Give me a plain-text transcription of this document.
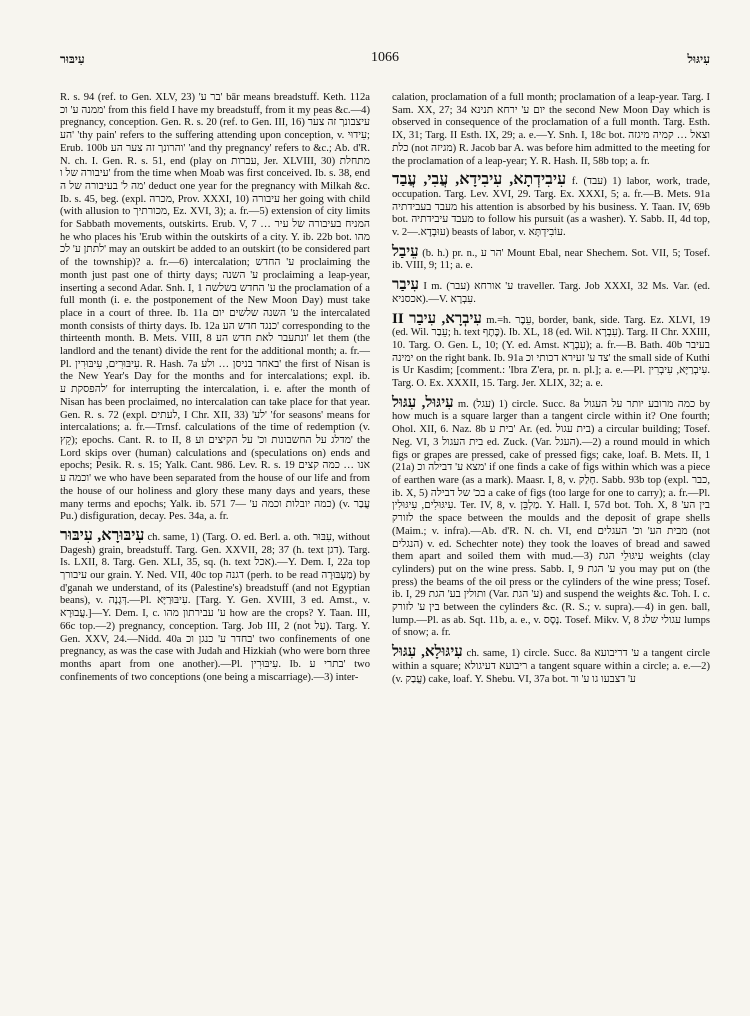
עִיבּוּר	1066	עִיגּוּל

R. s. 94 (ref. to Gen. XLV, 23) 'בר ע' bār means breadstuff. Keth. 112a ממנה ע' וכ' from this field I have my breadstuff, from it my peas &c.—4) pregnancy, conception. Gen. R. s. 20 (ref. to Gen. III, 16) עיצבונך זה צער הע' 'thy pain' refers to the suffering attending upon conception, v. עִידוּי; Erub. 100b והרונך זה צער הע' 'and thy pregnancy' refers to &c.; Ab. d'R. N. ch. I. Gen. R. s. 51, end (play on עברות, Jer. XLVIII, 30) מתחלת עיבורה של ו' from the time when Moab was first conceived. Ib. s. 38, end מה ל' בעיבורה של ה' deduct one year for the pregnancy with Milkah &c. Ib. s. 45, beg. (expl. מכרה, Prov. XXXI, 10) עיבורה her going with child (with allusion to מכורתיך, Ez. XVI, 3); a. fr.—5) extension of city limits for Sabbath movements, outskirts. Erub. V, 7 … המניח בעיבורה של עיר he who places his 'Erub within the outskirts of a city. Y. ib. 22b bot. מהו לתתן ע' לכ' may an outskirt be added to an outskirt (to be considered part of the township)? a. fr.—6) intercalation; ע' החדש proclaiming the month just past one of thirty days; ע' השנה proclaiming a leap-year, inserting a second Adar. Snh. I, 1 ע' החדש בשלשה the proclamation of a full month (i. e. the postponement of the New Moon Day) must take place in a court of three. Ib. 11a ע' השנה שלשים יום the intercalated month consists of thirty days. Ib. 12a כנגד חדש הע' corresponding to the thirteenth month. B. Mets. VIII, 8 ונתעבר לאת חדש הע' let them (the landlord and the tenant) divide the rent for the additional month; a. fr.—Pl. עִיבּוּרִים, עִיבּוּרִין. R. Hash. 7a באחד בניסן … ולע' the first of Nisan is the New Year's Day for the months and for intercalations; expl. ib. להפסקת ע' for interrupting the intercalation, i. e. after the month of Nisan has been proclaimed, no intercalation can take place for that year. Gen. R. s. 72 (expl. לעתים, I Chr. XII, 33) 'לע' 'for seasons' means for intercalations; a. fr.—Trnsf. calculations of the time of redemption (v. קֵץ); epochs. Cant. R. to II, 8 מדלג על החשבונות וכ' על הקיצים וע' the Lord skips over (human) calculations and (speculations on) ends and epochs; Pesik. R. s. 15; Yalk. Cant. 986. Lev. R. s. 19 אנו … כמה קצים וכמה ע' we who have been separated from the house of our life and from the house of our holiness and glory these many days and years, these many terms and epochs; Yalk. ib. 571 כמה יובלות וכמה ע' —7) (v. עֲבַר Pu.) disfiguration, decay. Pes. 34a, a. fr.

עִיבּוּרָא, עִיבּוּר ch. same, 1) (Targ. O. ed. Berl. a. oth. עִבּוּר, without Dagesh) grain, breadstuff. Targ. Gen. XXVII, 28; 37 (h. text דגן). Targ. Is. LXII, 8. Targ. Gen. XLI, 35, sq. (h. text אכל).—Y. Dem. I, 22a top עיבורך our grain. Y. Ned. VII, 40c top דגנה (perh. to be read מַעְבּוּרָה) by d'ganah we understand, of its (Palestine's) breadstuff (and not Egyptian beans), v. דְּגָנָה.—Pl. עִיבּוּרַיָּא. [Targ. Y. Gen. XVIII, 3 ed. Amst., v. עֲבוּרָא.]—Y. Dem. I, c. ע' עבירתון מהו how are the crops? Y. Taan. III, 66c top.—2) pregnancy, conception. Targ. Job III, 2 (not עַל). Targ. Y. Gen. XXV, 24.—Nidd. 40a בחדר ע' כנגן וכ' two confinements of one pregnancy, as was the case with Judah and Hizkiah (who were born three months apart from one another).—Pl. עִיבּוּרִין. Ib. בתרי ע' two confinements of two conceptions (one being a miscarriage).—3) inter-

calation, proclamation of a full month; proclamation of a leap-year. Targ. I Sam. XX, 27; 34 יום ע' ירחא תנינא the second New Moon Day which is observed in consequence of the proclamation of a full month. Targ. Esth. IX, 31; Targ. II Esth. IX, 29; a. e.—Y. Snh. I, 18c bot. וצאל … קמיה מיגזה כלת (not מגיזה) R. Jacob bar A. was before him admitted to the meeting for the proclamation of a leap-year; Y. R. Hash. II, 58b top; a. fr.

עִיבִידְתָא, עִיבִידָא, עֲבִי, עֲבַד f. (עבד) 1) labor, work, trade, occupation. Targ. Lev. XVI, 29. Targ. Ex. XXXI, 5; a. fr.—B. Mets. 91a מעבד בעבידתיה his attention is absorbed by his business. Y. Taan. IV, 69b bot. מעבד עיבידתיה to follow his pursuit (as a washer). Y. Sabb. II, 4d top, v. עוּבְדָא.—2) beasts of labor, v. עוֹבִידְתָּא.

עֵיבַל (b. h.) pr. n., הר ע' Mount Ebal, near Shechem. Sot. VII, 5; Tosef. ib. VIII, 9; 11; a. e.

עִיבַר I m. (עבר) ע' אורחא traveller. Targ. Job XXXI, 32 Ms. Var. (ed. אכסניא).—V. עִבְרָא.

עִיבְרָא, עִיבַר II m.=h. עֵבֶר, border, bank, side. Targ. Ez. XLVI, 19 (ed. Wil. עֵבַר; h. text כֶּתֶף). Ib. XL, 18 (ed. Wil. עִבְרָא). Targ. II Chr. XXIII, 10. Targ. O. Gen. L, 10; (Y. ed. Amst. עִבְרָא); a. fr.—B. Bath. 40b בעיבר ימינה on the right bank. Ib. 91a צד ע' זעירא דכותי וכ' the small side of Kuthi is Ur Kasdim; [comment.: 'Ibra Z'era, pr. n. pl.]; a. e.—Pl. עִיבְרַיָּא, עִיבְרִין. Targ. O. Ex. XXXII, 15. Targ. Jer. XLIX, 32; a. e.

עִיגּוּל, עִגּוּל m. (עגל) 1) circle. Succ. 8a כמה מרובע יותר על העגול by how much is a square larger than a tangent circle within it? One fourth; Ohol. XII, 6. Naz. 8b בית ע' Ar. (ed. בית עגול) a circular building; Tosef. Neg. VI, 3 בית העגול ed. Zuck. (Var. העגל).—2) a round mould in which figs or grapes are pressed, cake of pressed figs; cake, loaf. B. Mets. II, 1 (21a) מצא ע' דבילה וכ' if one finds a cake of figs within which was a piece of earthen ware (as a mark). Maasr. I, 8, v. חָלַק. Sabb. 93b top (expl. כבר, ib. X, 5) בכ' של דבילה a cake of figs (too large for one to carry); a. fr.—Pl. עִיגּוּלִים, עִיגּוּלִין. Ter. IV, 8, v. מַלְבֵּן. Y. Hall. I, 57d bot. Toh. X, 8 בין הע' לזורק the space between the moulds and the deposit of grape shells (Maim.; v. infra).—Ab. d'R. N. ch. VI, end מבית הע' וכ' העגלים (not הנגלים) v. ed. Schechter note) they took the loaves of bread and sawed them apart and soiled them with mud.—3) עִיגּוּלֵי הגת weights (clay cylinders) put on the wine press. Sabb. I, 9 ע' הגת you may put on (the press) the beams of the oil press or the cylinders of the wine press; Tosef. ib. I, 29 ותולין בע' הגת (Var. ע' הגת) and suspend the weights &c. Toh. I. c. בין ע' לזורק between the cylinders &c. (R. S.; v. supra).—4) in gen. ball, lump.—Pl. as ab. Sqt. 11b, a. e., v. נָסָס. Tosef. Mikv. V, 8 עגולי שלג lumps of snow; a. fr.

עִיגּוּלָא, עִגּוּל ch. same, 1) circle. Succ. 8a ע' דריבועא a tangent circle within a square; ריבועא דעיגולא a tangent square within a circle; a. e.—2) (v. עֲבַק) cake, loaf. Y. Shebu. VI, 37a bot. ע' דצבעו גו ע' ור
